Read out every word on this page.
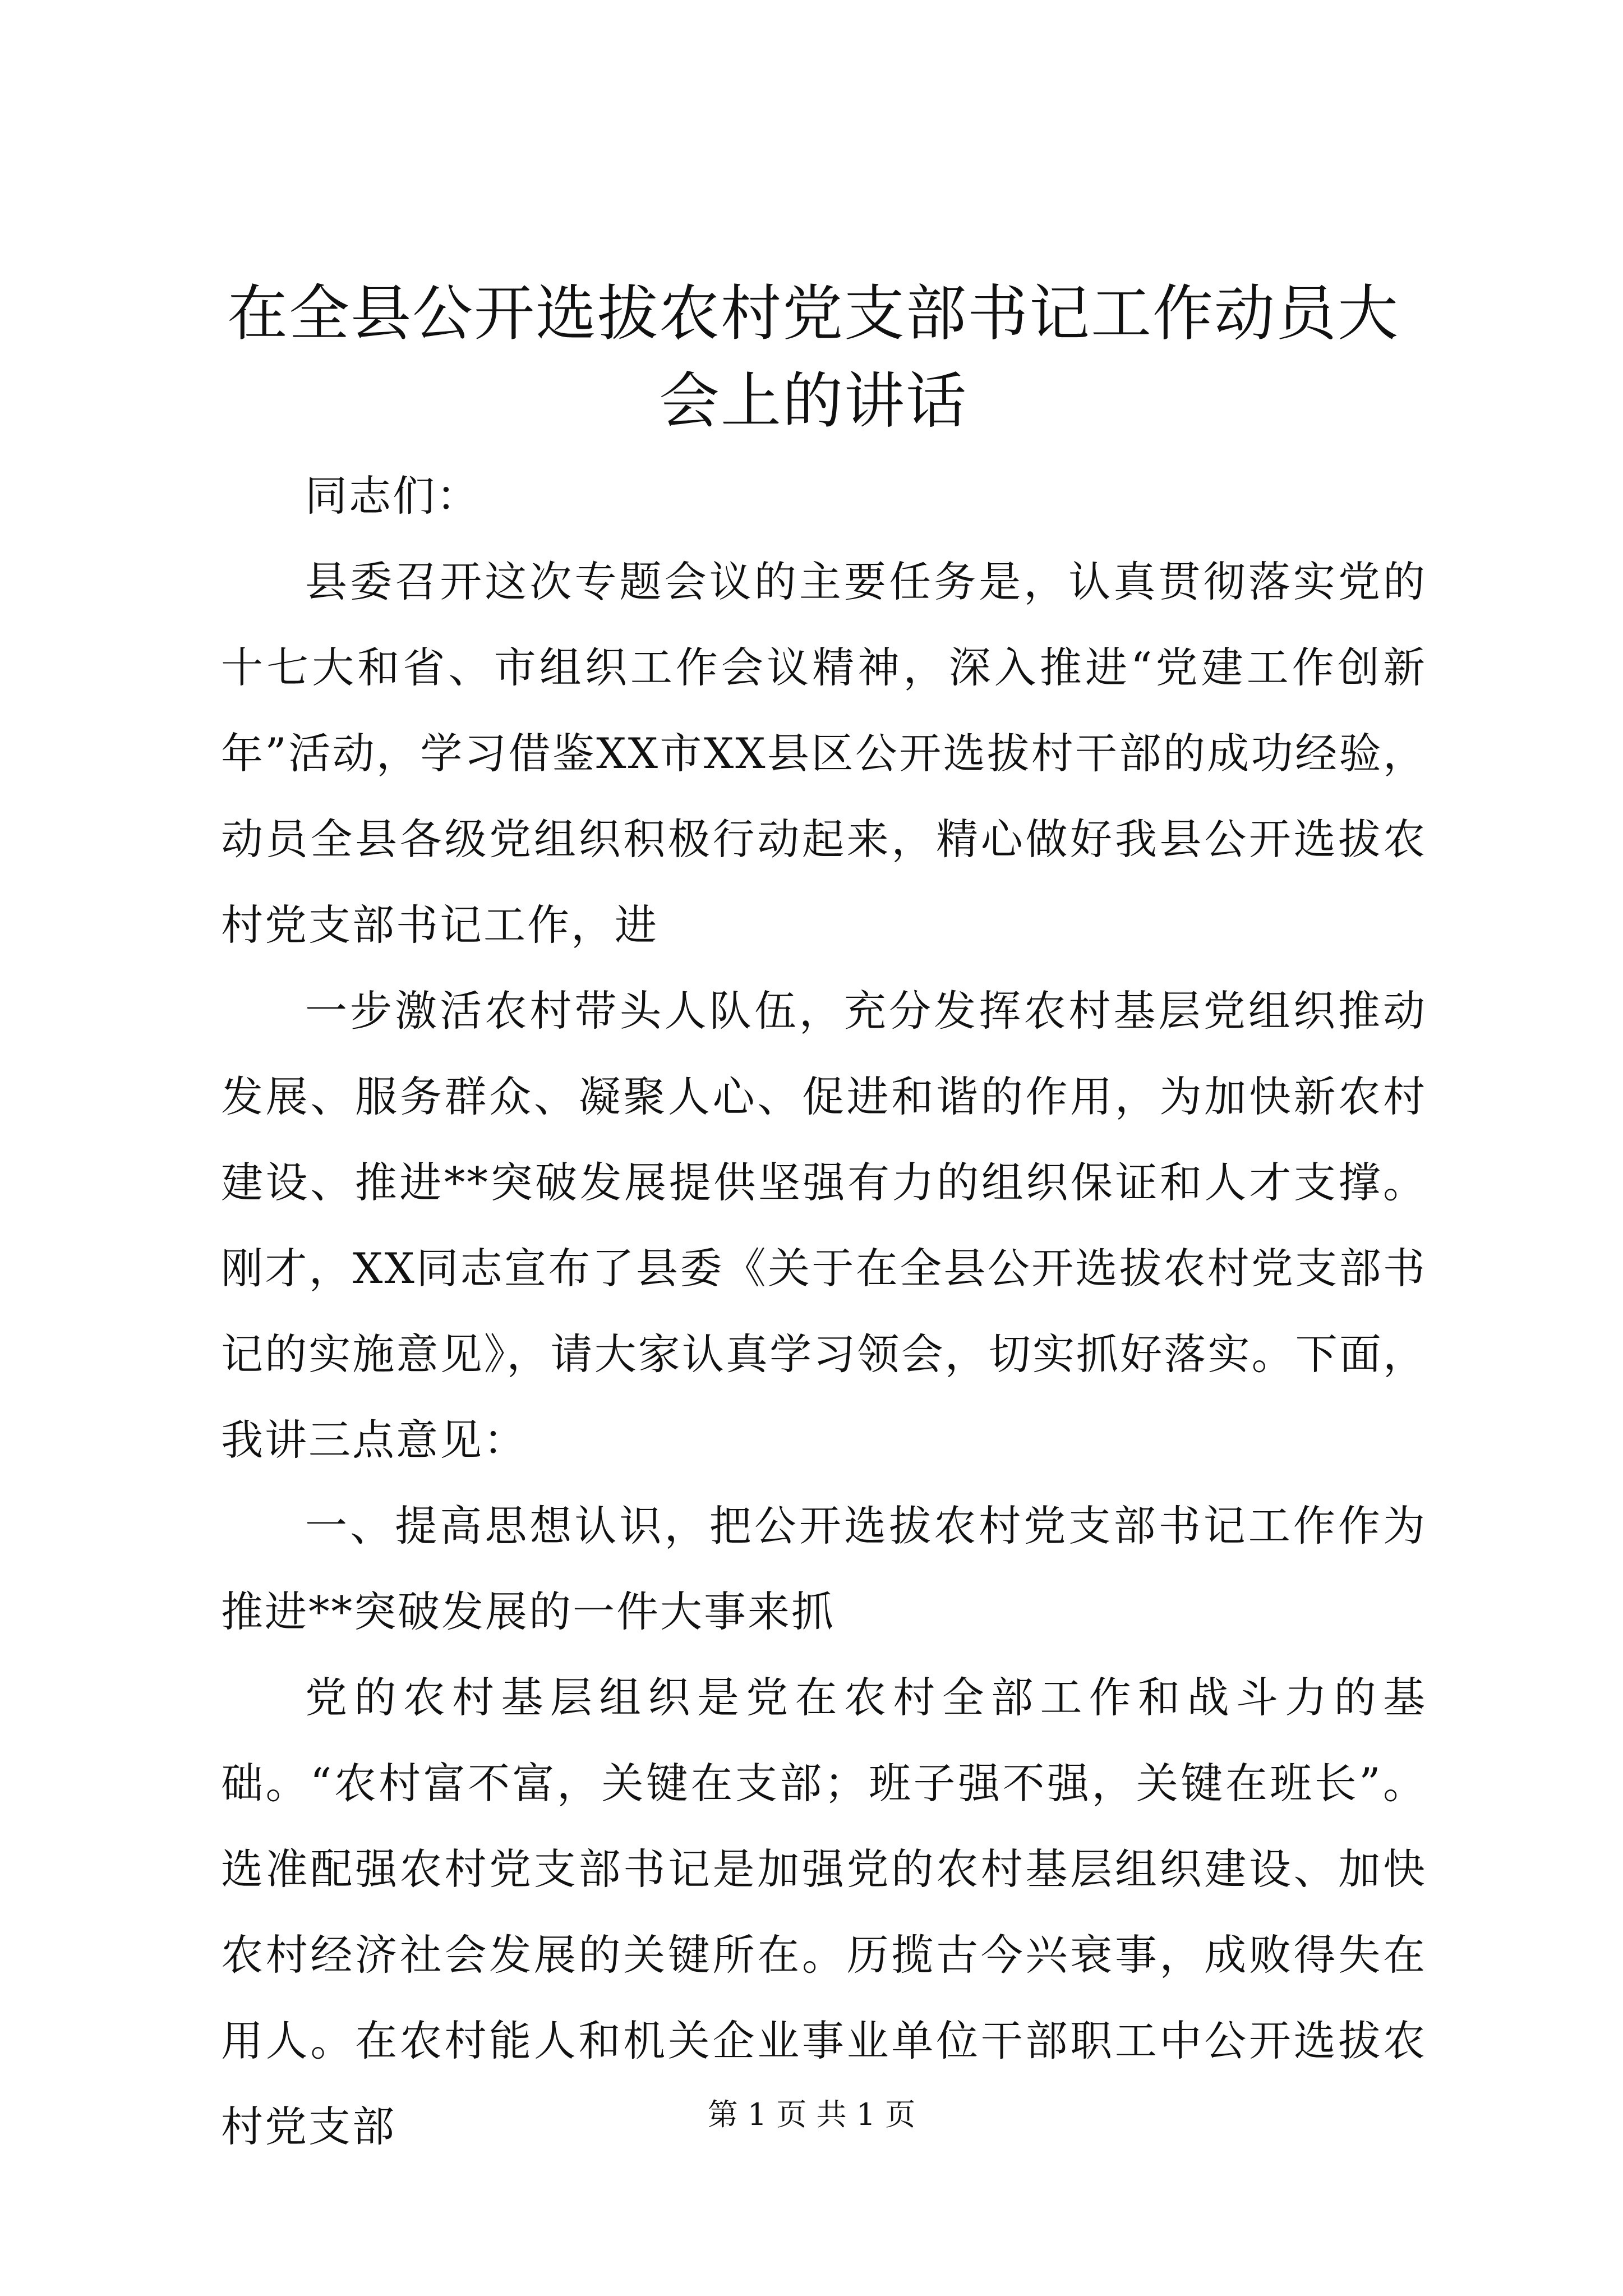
在全县公开选拔农村党支部书记工作动员大会上的讲话

同志们：

县委召开这次专题会议的主要任务是，认真贯彻落实党的十七大和省、市组织工作会议精神，深入推进“党建工作创新年”活动，学习借鉴XX市XX县区公开选拔村干部的成功经验，动员全县各级党组织积极行动起来，精心做好我县公开选拔农村党支部书记工作，进

一步激活农村带头人队伍，充分发挥农村基层党组织推动发展、服务群众、凝聚人心、促进和谐的作用，为加快新农村建设、推进**突破发展提供坚强有力的组织保证和人才支撑。刚才，XX同志宣布了县委《关于在全县公开选拔农村党支部书记的实施意见》，请大家认真学习领会，切实抓好落实。下面，我讲三点意见：

一、提高思想认识，把公开选拔农村党支部书记工作作为推进**突破发展的一件大事来抓

党的农村基层组织是党在农村全部工作和战斗力的基础。“农村富不富，关键在支部；班子强不强，关键在班长”。选准配强农村党支部书记是加强党的农村基层组织建设、加快农村经济社会发展的关键所在。历揽古今兴衰事，成败得失在用人。在农村能人和机关企业事业单位干部职工中公开选拔农村党支部	第 1 页 共 1 页
